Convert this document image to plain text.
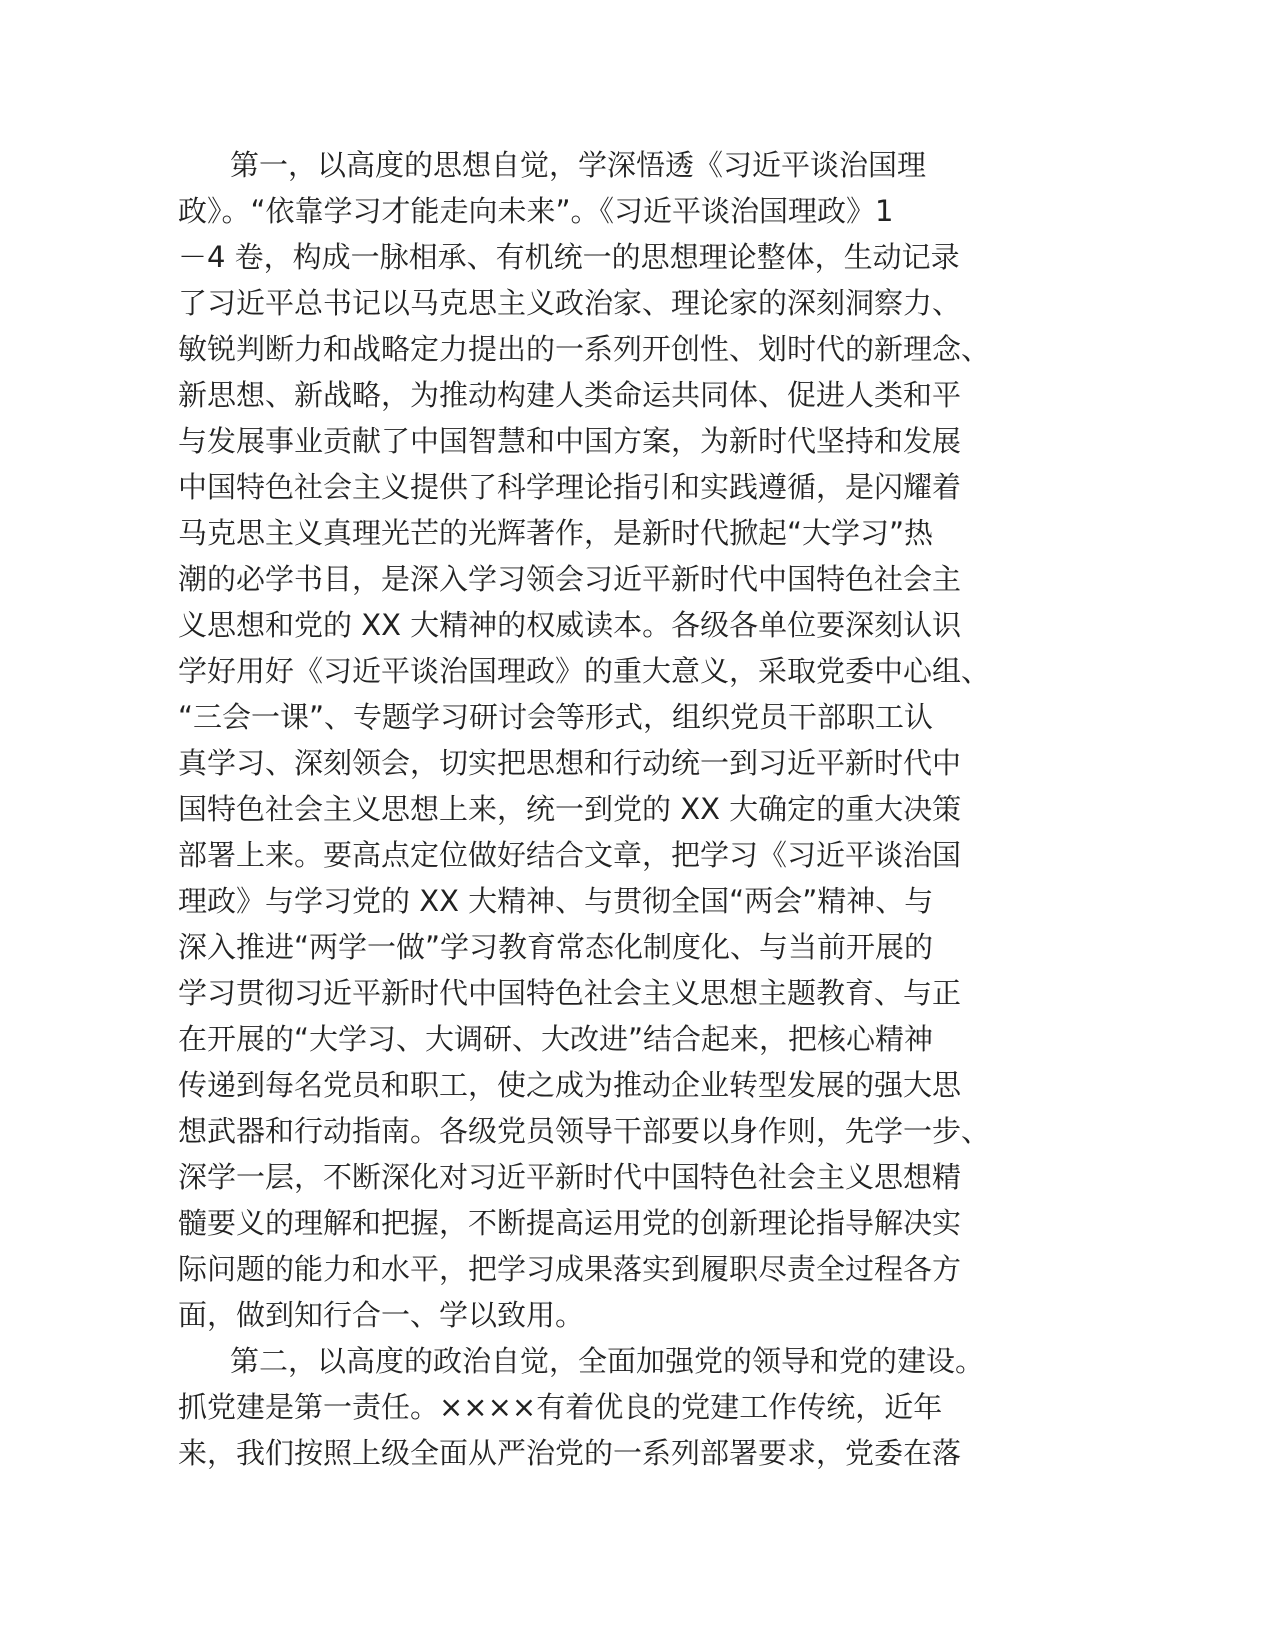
第一，以高度的思想自觉，学深悟透《习近平谈治国理
政》。“依靠学习才能走向未来”。《习近平谈治国理政》1
－4 卷，构成一脉相承、有机统一的思想理论整体，生动记录
了习近平总书记以马克思主义政治家、理论家的深刻洞察力、
敏锐判断力和战略定力提出的一系列开创性、划时代的新理念、
新思想、新战略，为推动构建人类命运共同体、促进人类和平
与发展事业贡献了中国智慧和中国方案，为新时代坚持和发展
中国特色社会主义提供了科学理论指引和实践遵循，是闪耀着
马克思主义真理光芒的光辉著作，是新时代掀起“大学习”热
潮的必学书目，是深入学习领会习近平新时代中国特色社会主
义思想和党的 XX 大精神的权威读本。各级各单位要深刻认识
学好用好《习近平谈治国理政》的重大意义，采取党委中心组、
“三会一课”、专题学习研讨会等形式，组织党员干部职工认
真学习、深刻领会，切实把思想和行动统一到习近平新时代中
国特色社会主义思想上来，统一到党的 XX 大确定的重大决策
部署上来。要高点定位做好结合文章，把学习《习近平谈治国
理政》与学习党的 XX 大精神、与贯彻全国“两会”精神、与
深入推进“两学一做”学习教育常态化制度化、与当前开展的
学习贯彻习近平新时代中国特色社会主义思想主题教育、与正
在开展的“大学习、大调研、大改进”结合起来，把核心精神
传递到每名党员和职工，使之成为推动企业转型发展的强大思
想武器和行动指南。各级党员领导干部要以身作则，先学一步、
深学一层，不断深化对习近平新时代中国特色社会主义思想精
髓要义的理解和把握，不断提高运用党的创新理论指导解决实
际问题的能力和水平，把学习成果落实到履职尽责全过程各方
面，做到知行合一、学以致用。
第二，以高度的政治自觉，全面加强党的领导和党的建设。
抓党建是第一责任。××××有着优良的党建工作传统，近年
来，我们按照上级全面从严治党的一系列部署要求，党委在落
